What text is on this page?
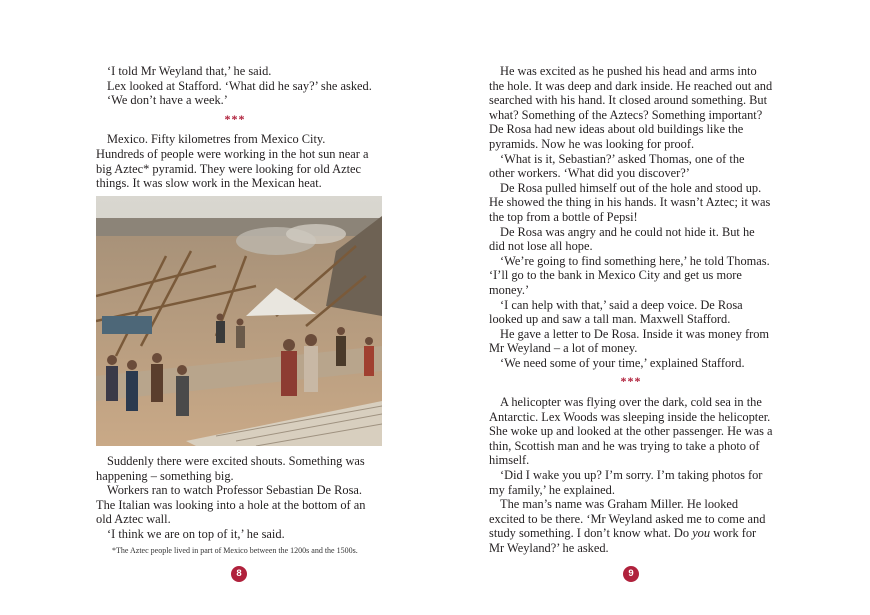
‘I told Mr Weyland that,’ he said.

Lex looked at Stafford. ‘What did he say?’ she asked.

‘We don’t have a week.’

***

Mexico. Fifty kilometres from Mexico City. Hundreds of people were working in the hot sun near a big Aztec* pyramid. They were looking for old Aztec things. It was slow work in the Mexican heat.

Suddenly there were excited shouts. Something was happening – something big.

Workers ran to watch Professor Sebastian De Rosa. The Italian was looking into a hole at the bottom of an old Aztec wall.

‘I think we are on top of it,’ he said.

*The Aztec people lived in part of Mexico between the 1200s and the 1500s.
8

He was excited as he pushed his head and arms into the hole. It was deep and dark inside. He reached out and searched with his hand. It closed around something. But what? Something of the Aztecs? Something important? De Rosa had new ideas about old buildings like the pyramids. Now he was looking for proof.

‘What is it, Sebastian?’ asked Thomas, one of the other workers. ‘What did you discover?’

De Rosa pulled himself out of the hole and stood up. He showed the thing in his hands. It wasn’t Aztec; it was the top from a bottle of Pepsi!

De Rosa was angry and he could not hide it. But he did not lose all hope.

‘We’re going to find something here,’ he told Thomas. ‘I’ll go to the bank in Mexico City and get us more money.’

‘I can help with that,’ said a deep voice. De Rosa looked up and saw a tall man. Maxwell Stafford.

He gave a letter to De Rosa. Inside it was money from Mr Weyland – a lot of money.

‘We need some of your time,’ explained Stafford.

***

A helicopter was flying over the dark, cold sea in the Antarctic. Lex Woods was sleeping inside the helicopter. She woke up and looked at the other passenger. He was a thin, Scottish man and he was trying to take a photo of himself.

‘Did I wake you up? I’m sorry. I’m taking photos for my family,’ he explained.

The man’s name was Graham Miller. He looked excited to be there. ‘Mr Weyland asked me to come and study something. I don’t know what. Do you work for Mr Weyland?’ he asked.

9
